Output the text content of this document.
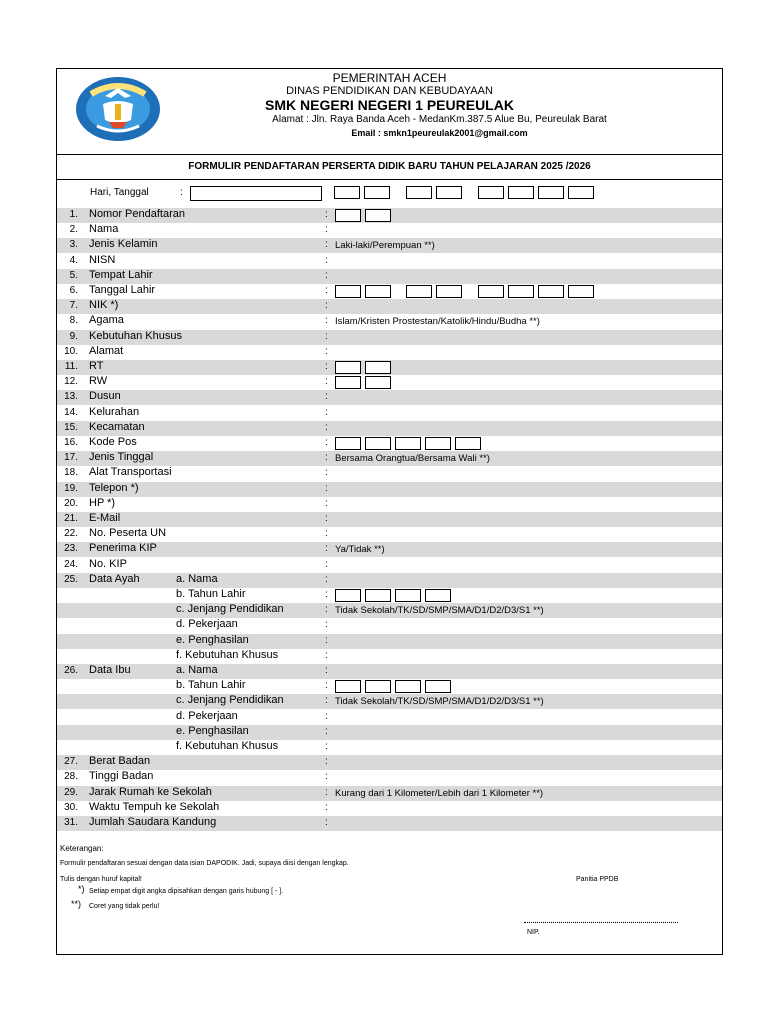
PEMERINTAH ACEH
DINAS PENDIDIKAN DAN KEBUDAYAAN
SMK NEGERI NEGERI 1 PEUREULAK
Alamat : Jln. Raya Banda Aceh - MedanKm.387.5 Alue Bu, Peureulak Barat
Email : smkn1peureulak2001@gmail.com
FORMULIR PENDAFTARAN PERSERTA DIDIK BARU TAHUN PELAJARAN 2025 /2026
Hari, Tanggal	:
1. Nomor Pendaftaran	:
2. Nama	:
3. Jenis Kelamin	: Laki-laki/Perempuan **)
4. NISN	:
5. Tempat Lahir	:
6. Tanggal Lahir	:
7. NIK *)	:
8. Agama	: Islam/Kristen Prostestan/Katolik/Hindu/Budha **)
9. Kebutuhan Khusus	:
10. Alamat	:
11. RT	:
12. RW	:
13. Dusun	:
14. Kelurahan	:
15. Kecamatan	:
16. Kode Pos	:
17. Jenis Tinggal	: Bersama Orangtua/Bersama Wali **)
18. Alat Transportasi	:
19. Telepon *)	:
20. HP *)	:
21. E-Mail	:
22. No. Peserta UN	:
23. Penerima KIP	: Ya/Tidak **)
24. No. KIP	:
25. Data Ayah	a. Nama	:
b. Tahun Lahir	:
c. Jenjang Pendidikan	: Tidak Sekolah/TK/SD/SMP/SMA/D1/D2/D3/S1 **)
d. Pekerjaan	:
e. Penghasilan	:
f. Kebutuhan Khusus	:
26. Data Ibu	a. Nama	:
b. Tahun Lahir	:
c. Jenjang Pendidikan	: Tidak Sekolah/TK/SD/SMP/SMA/D1/D2/D3/S1 **)
d. Pekerjaan	:
e. Penghasilan	:
f. Kebutuhan Khusus	:
27. Berat Badan	:
28. Tinggi Badan	:
29. Jarak Rumah ke Sekolah	: Kurang dari 1 Kilometer/Lebih dari 1 Kilometer **)
30. Waktu Tempuh ke Sekolah	:
31. Jumlah Saudara Kandung	:
Keterangan:
Formulir pendaftaran sesuai dengan data isian DAPODIK. Jadi, supaya diisi dengan lengkap.
Tulis dengan huruf kapital!
*) Setiap empat digit angka dipisahkan dengan garis hubung [ - ].
**) Coret yang tidak perlu!
Panitia PPDB
NIP.
